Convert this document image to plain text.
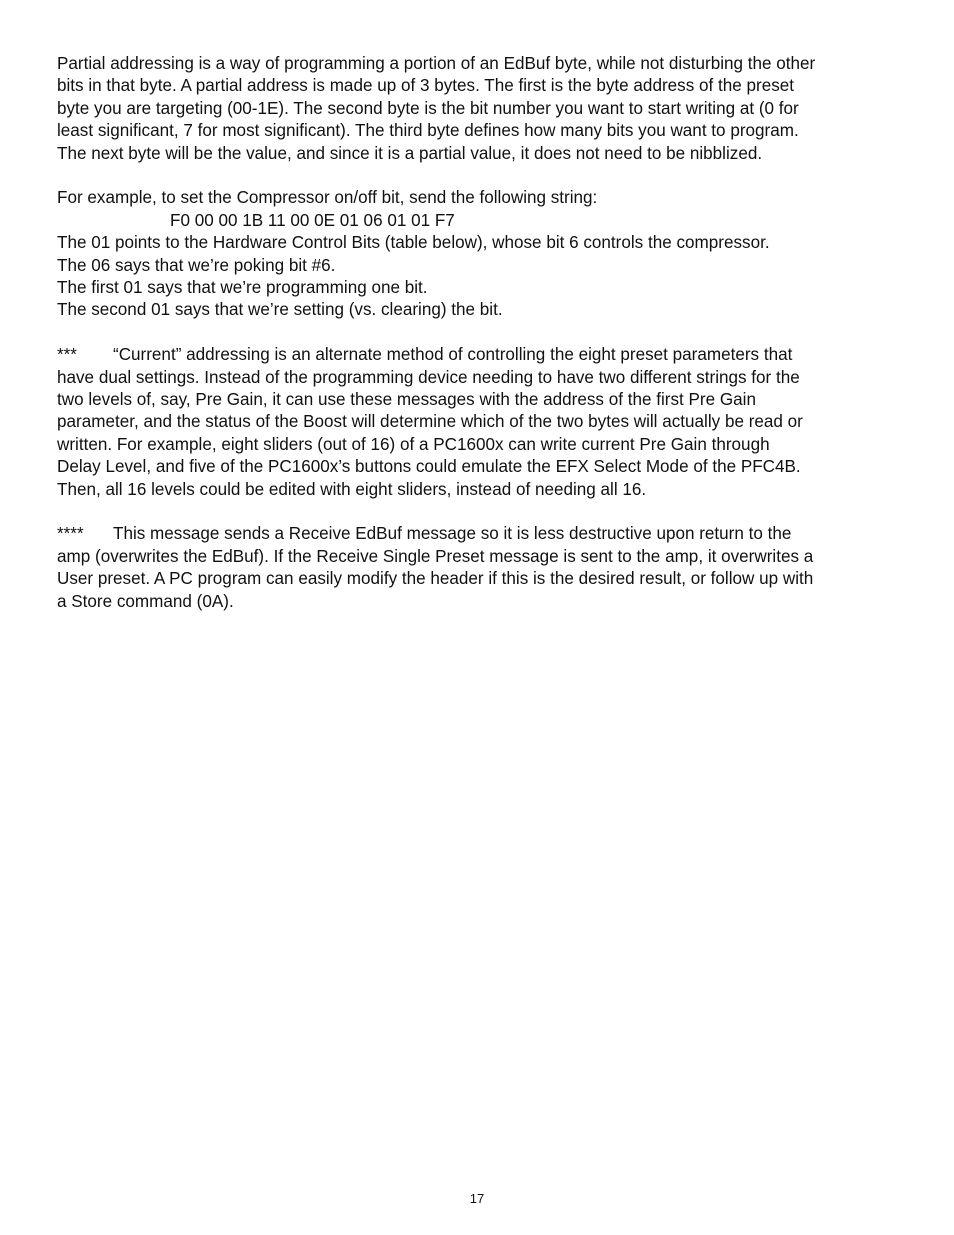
Partial addressing is a way of programming a portion of an EdBuf byte, while not disturbing the other
bits in that byte. A partial address is made up of 3 bytes. The first is the byte address of the preset
byte you are targeting (00-1E). The second byte is the bit number you want to start writing at (0 for
least significant, 7 for most significant). The third byte defines how many bits you want to program.
The next byte will be the value, and since it is a partial value, it does not need to be nibblized.
For example, to set the Compressor on/off bit, send the following string:
F0 00 00 1B 11 00 0E 01 06 01 01 F7
The 01 points to the Hardware Control Bits (table below), whose bit 6 controls the compressor.
The 06 says that we’re poking bit #6.
The first 01 says that we’re programming one bit.
The second 01 says that we’re setting (vs. clearing) the bit.
*** “Current” addressing is an alternate method of controlling the eight preset parameters that
have dual settings. Instead of the programming device needing to have two different strings for the
two levels of, say, Pre Gain, it can use these messages with the address of the first Pre Gain
parameter, and the status of the Boost will determine which of the two bytes will actually be read or
written. For example, eight sliders (out of 16) of a PC1600x can write current Pre Gain through
Delay Level, and five of the PC1600x’s buttons could emulate the EFX Select Mode of the PFC4B.
Then, all 16 levels could be edited with eight sliders, instead of needing all 16.
**** This message sends a Receive EdBuf message so it is less destructive upon return to the
amp (overwrites the EdBuf). If the Receive Single Preset message is sent to the amp, it overwrites a
User preset. A PC program can easily modify the header if this is the desired result, or follow up with
a Store command (0A).
17
